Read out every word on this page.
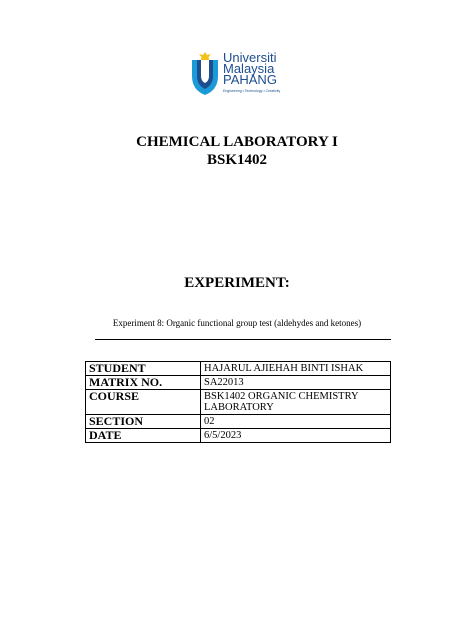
Universiti
Malaysia
PAHANG
Engineering • Technology • Creativity
CHEMICAL LABORATORY I
BSK1402
EXPERIMENT:
Experiment 8: Organic functional group test (aldehydes and ketones)
STUDENT	HAJARUL AJIEHAH BINTI ISHAK
MATRIX NO.	SA22013
COURSE	BSK1402 ORGANIC CHEMISTRY LABORATORY
SECTION	02
DATE	6/5/2023
